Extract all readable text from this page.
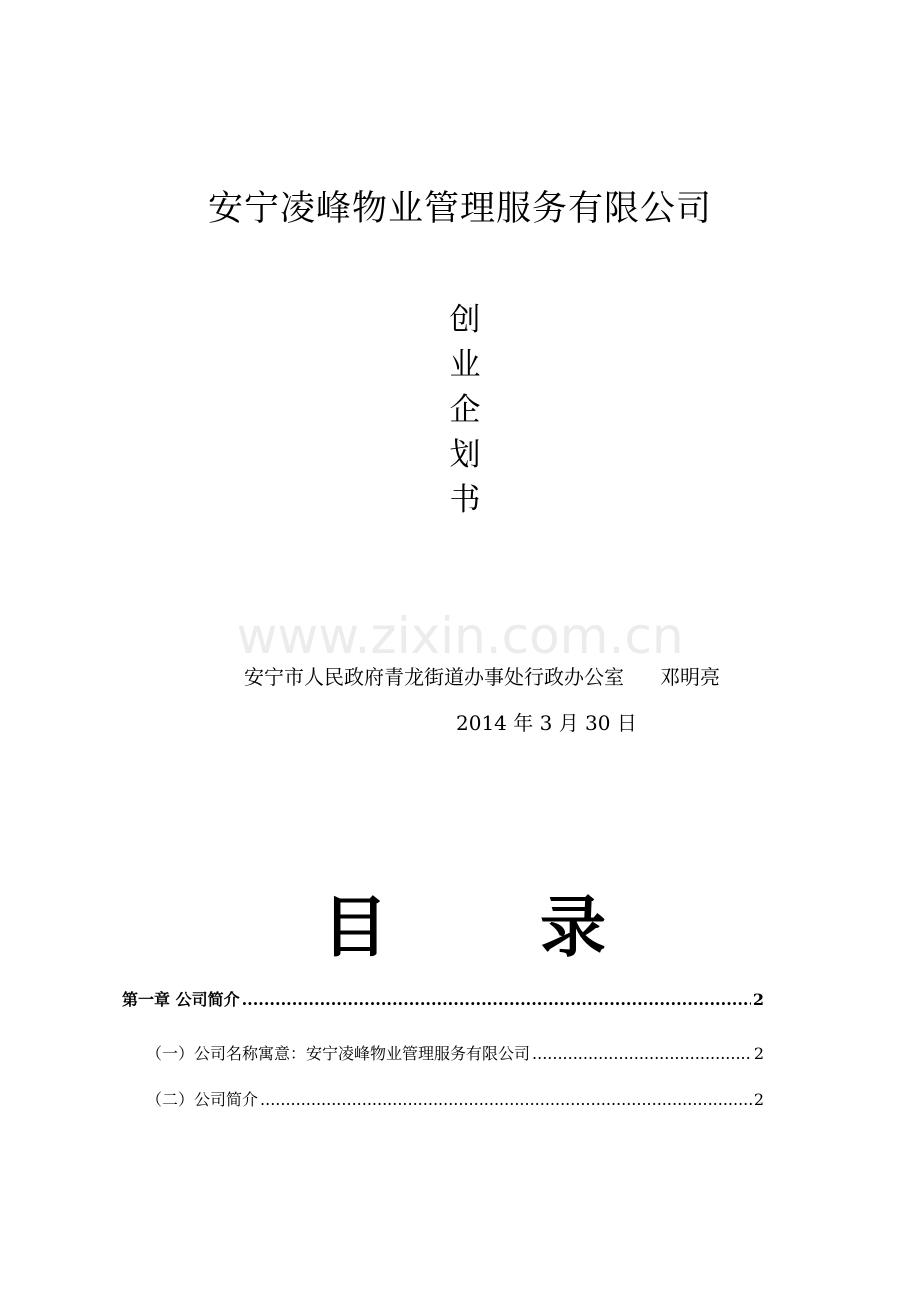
安宁凌峰物业管理服务有限公司
创
业
企
划
书
www.zixin.com.cn
安宁市人民政府青龙街道办事处行政办公室 邓明亮
2014 年 3 月 30 日
目 录
第一章 公司简介 .....	2
（一）公司名称寓意：安宁凌峰物业管理服务有限公司 .....	2
（二）公司简介 .....	2
